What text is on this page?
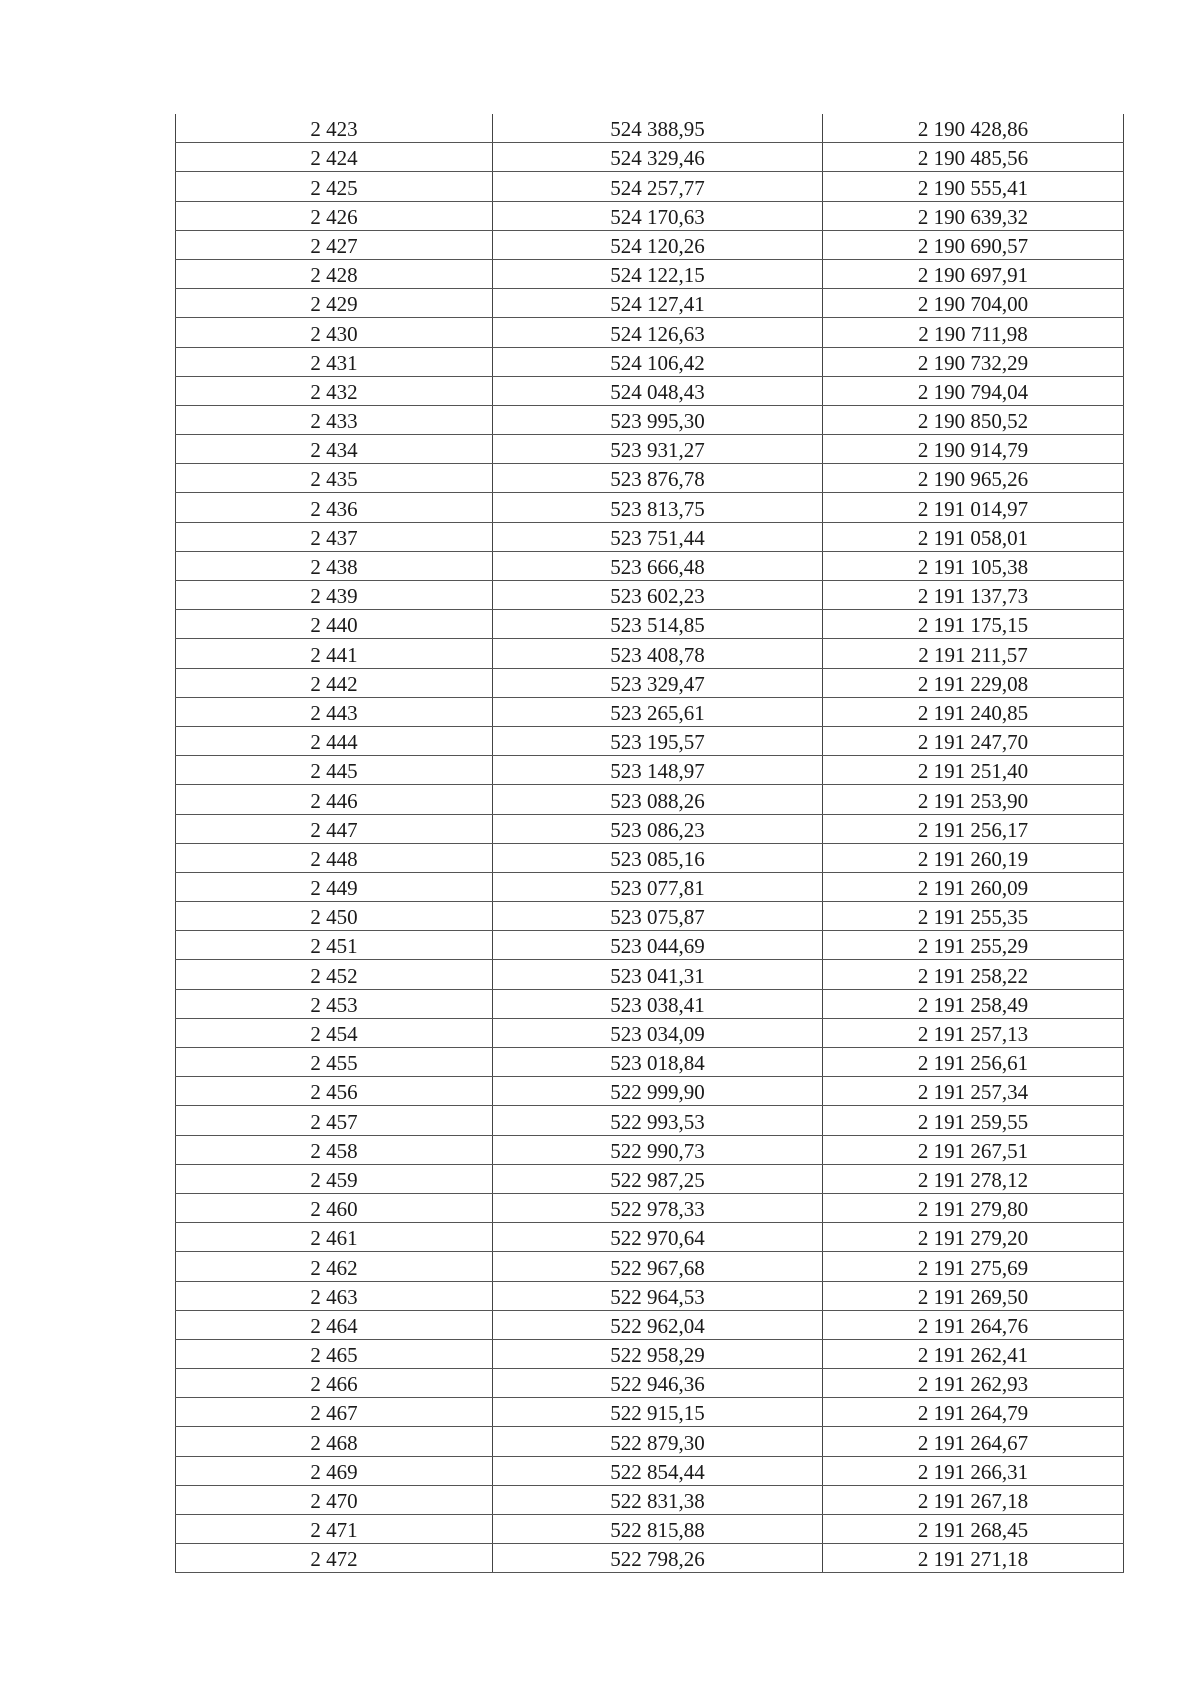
2 423	524 388,95	2 190 428,86
2 424	524 329,46	2 190 485,56
2 425	524 257,77	2 190 555,41
2 426	524 170,63	2 190 639,32
2 427	524 120,26	2 190 690,57
2 428	524 122,15	2 190 697,91
2 429	524 127,41	2 190 704,00
2 430	524 126,63	2 190 711,98
2 431	524 106,42	2 190 732,29
2 432	524 048,43	2 190 794,04
2 433	523 995,30	2 190 850,52
2 434	523 931,27	2 190 914,79
2 435	523 876,78	2 190 965,26
2 436	523 813,75	2 191 014,97
2 437	523 751,44	2 191 058,01
2 438	523 666,48	2 191 105,38
2 439	523 602,23	2 191 137,73
2 440	523 514,85	2 191 175,15
2 441	523 408,78	2 191 211,57
2 442	523 329,47	2 191 229,08
2 443	523 265,61	2 191 240,85
2 444	523 195,57	2 191 247,70
2 445	523 148,97	2 191 251,40
2 446	523 088,26	2 191 253,90
2 447	523 086,23	2 191 256,17
2 448	523 085,16	2 191 260,19
2 449	523 077,81	2 191 260,09
2 450	523 075,87	2 191 255,35
2 451	523 044,69	2 191 255,29
2 452	523 041,31	2 191 258,22
2 453	523 038,41	2 191 258,49
2 454	523 034,09	2 191 257,13
2 455	523 018,84	2 191 256,61
2 456	522 999,90	2 191 257,34
2 457	522 993,53	2 191 259,55
2 458	522 990,73	2 191 267,51
2 459	522 987,25	2 191 278,12
2 460	522 978,33	2 191 279,80
2 461	522 970,64	2 191 279,20
2 462	522 967,68	2 191 275,69
2 463	522 964,53	2 191 269,50
2 464	522 962,04	2 191 264,76
2 465	522 958,29	2 191 262,41
2 466	522 946,36	2 191 262,93
2 467	522 915,15	2 191 264,79
2 468	522 879,30	2 191 264,67
2 469	522 854,44	2 191 266,31
2 470	522 831,38	2 191 267,18
2 471	522 815,88	2 191 268,45
2 472	522 798,26	2 191 271,18
